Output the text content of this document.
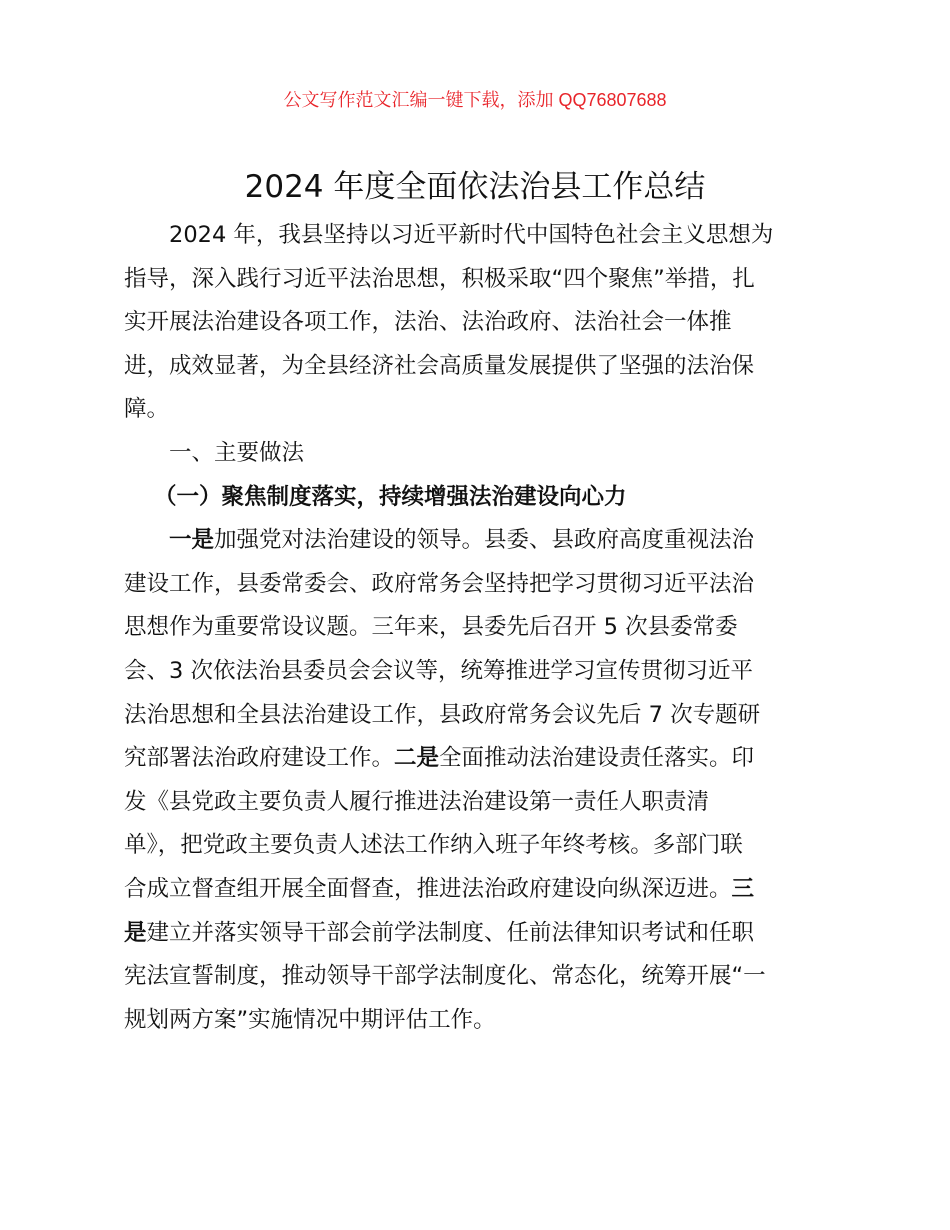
公文写作范文汇编一键下载，添加 QQ76807688
2024 年度全面依法治县工作总结
2024 年，我县坚持以习近平新时代中国特色社会主义思想为
指导，深入践行习近平法治思想，积极采取“四个聚焦”举措，扎
实开展法治建设各项工作，法治、法治政府、法治社会一体推
进，成效显著，为全县经济社会高质量发展提供了坚强的法治保
障。
一、主要做法
（一）聚焦制度落实，持续增强法治建设向心力
一是加强党对法治建设的领导。县委、县政府高度重视法治
建设工作，县委常委会、政府常务会坚持把学习贯彻习近平法治
思想作为重要常设议题。三年来，县委先后召开 5 次县委常委
会、3 次依法治县委员会会议等，统筹推进学习宣传贯彻习近平
法治思想和全县法治建设工作，县政府常务会议先后 7 次专题研
究部署法治政府建设工作。二是全面推动法治建设责任落实。印
发《县党政主要负责人履行推进法治建设第一责任人职责清
单》，把党政主要负责人述法工作纳入班子年终考核。多部门联
合成立督查组开展全面督查，推进法治政府建设向纵深迈进。三
是建立并落实领导干部会前学法制度、任前法律知识考试和任职
宪法宣誓制度，推动领导干部学法制度化、常态化，统筹开展“一
规划两方案”实施情况中期评估工作。
